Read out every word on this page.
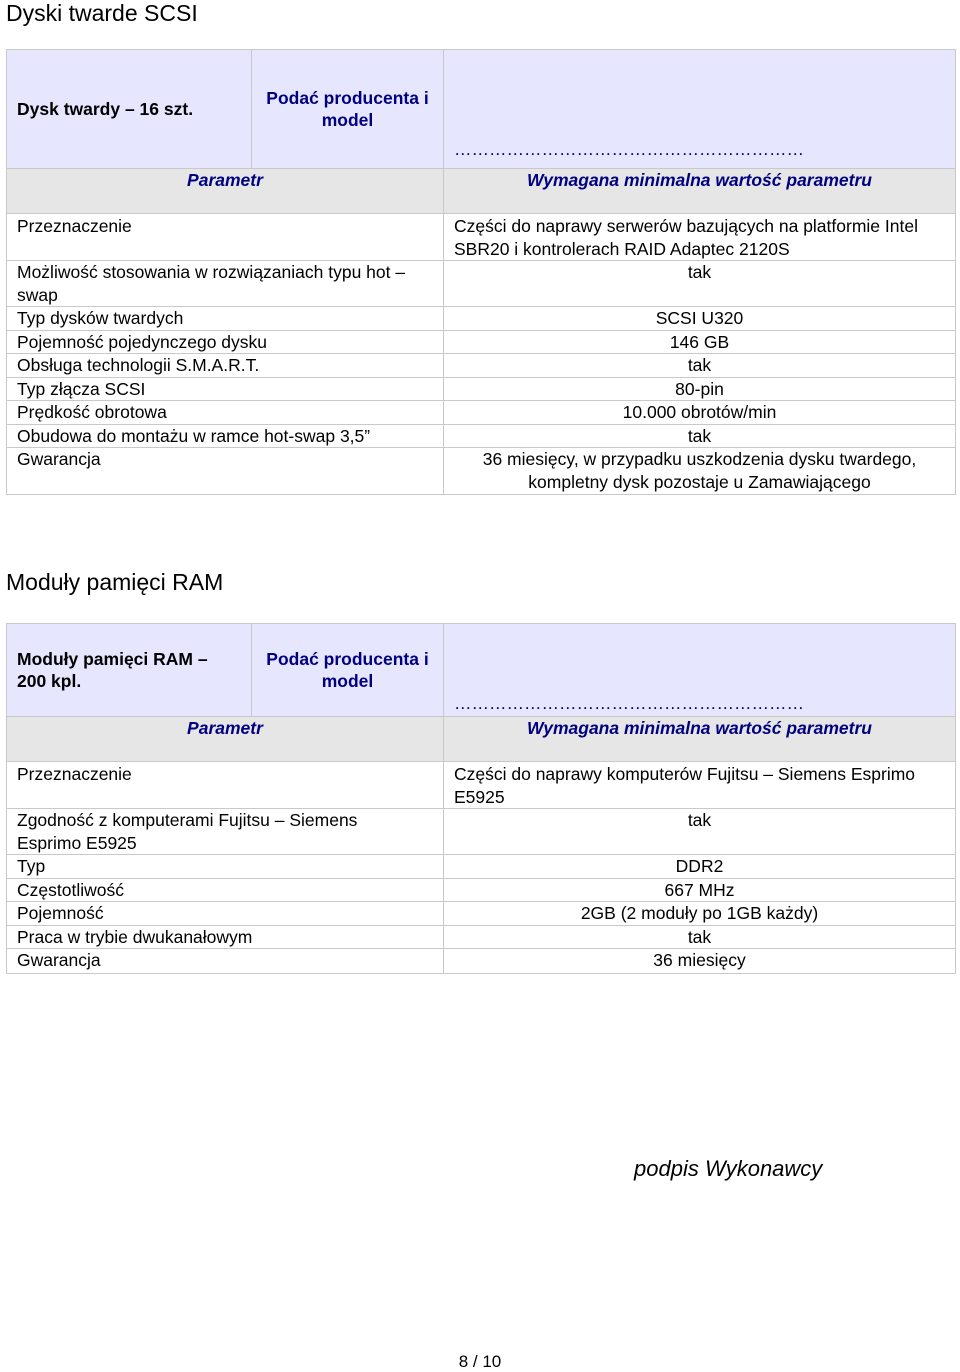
Dyski twarde SCSI
Dysk twardy – 16 szt.	Podać producenta i model	……………………………………………………
Parametr		Wymagana minimalna wartość parametru
Przeznaczenie		Części do naprawy serwerów bazujących na platformie Intel SBR20 i kontrolerach RAID Adaptec 2120S
Możliwość stosowania w rozwiązaniach typu hot – swap		tak
Typ dysków twardych		SCSI U320
Pojemność pojedynczego dysku		146 GB
Obsługa technologii S.M.A.R.T.		tak
Typ złącza SCSI		80-pin
Prędkość obrotowa		10.000 obrotów/min
Obudowa do montażu w ramce hot-swap 3,5”		tak
Gwarancja		36 miesięcy, w przypadku uszkodzenia dysku twardego, kompletny dysk pozostaje u Zamawiającego
Moduły pamięci RAM
Moduły pamięci RAM – 200 kpl.	Podać producenta i model	……………………………………………………
Parametr		Wymagana minimalna wartość parametru
Przeznaczenie		Części do naprawy komputerów Fujitsu – Siemens Esprimo E5925
Zgodność z komputerami Fujitsu – Siemens Esprimo E5925		tak
Typ		DDR2
Częstotliwość		667 MHz
Pojemność		2GB (2 moduły po 1GB każdy)
Praca w trybie dwukanałowym		tak
Gwarancja		36 miesięcy

podpis Wykonawcy

8 / 10
